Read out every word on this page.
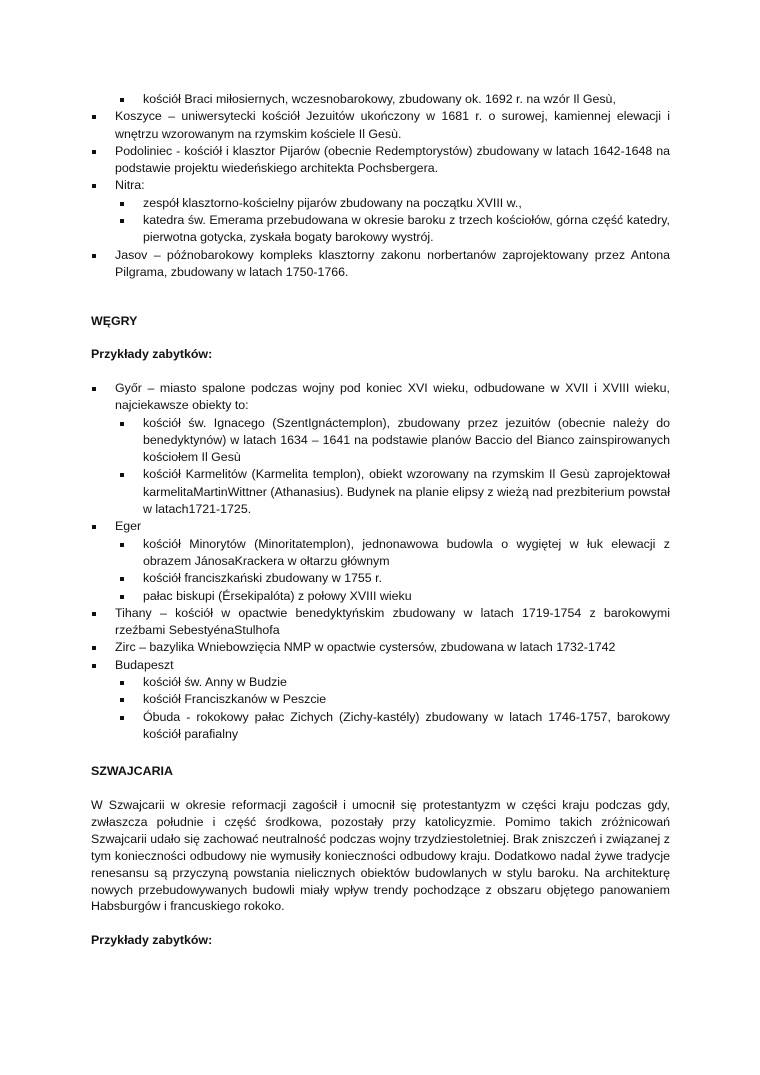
kościół Braci miłosiernych, wczesnobarokowy, zbudowany ok. 1692 r. na wzór Il Gesù,
Koszyce – uniwersytecki kościół Jezuitów ukończony w 1681 r. o surowej, kamiennej elewacji i wnętrzu wzorowanym na rzymskim kościele Il Gesù.
Podoliniec - kościół i klasztor Pijarów (obecnie Redemptorystów) zbudowany w latach 1642-1648 na podstawie projektu wiedeńskiego architekta Pochsbergera.
Nitra:
zespół klasztorno-kościelny pijarów zbudowany na początku XVIII w.,
katedra św. Emerama przebudowana w okresie baroku z trzech kościołów, górna część katedry, pierwotna gotycka, zyskała bogaty barokowy wystrój.
Jasov – późnobarokowy kompleks klasztorny zakonu norbertanów zaprojektowany przez Antona Pilgrama, zbudowany w latach 1750-1766.
WĘGRY
Przykłady zabytków:
Győr – miasto spalone podczas wojny pod koniec XVI wieku, odbudowane w XVII i XVIII wieku, najciekawsze obiekty to:
kościół św. Ignacego (SzentIgnáctemplon), zbudowany przez jezuitów (obecnie należy do benedyktynów) w latach 1634 – 1641 na podstawie planów Baccio del Bianco zainspirowanych kościołem Il Gesù
kościół Karmelitów (Karmelita templon), obiekt wzorowany na rzymskim Il Gesù zaprojektował karmelitaMartinWittner (Athanasius). Budynek na planie elipsy z wieżą nad prezbiterium powstał w latach1721-1725.
Eger
kościół Minorytów (Minoritatemplon), jednonawowa budowla o wygiętej w łuk elewacji z obrazem JánosaKrackera w ołtarzu głównym
kościół franciszkański zbudowany w 1755 r.
pałac biskupi (Érsekipalóta) z połowy XVIII wieku
Tihany – kościół w opactwie benedyktyńskim zbudowany w latach 1719-1754 z barokowymi rzeźbami SebestyénaStulhofa
Zirc – bazylika Wniebowzięcia NMP w opactwie cystersów, zbudowana w latach 1732-1742
Budapeszt
kościół św. Anny w Budzie
kościół Franciszkanów w Peszcie
Óbuda - rokokowy pałac Zichych (Zichy-kastély) zbudowany w latach 1746-1757, barokowy kościół parafialny
SZWAJCARIA

W Szwajcarii w okresie reformacji zagościł i umocnił się protestantyzm w części kraju podczas gdy, zwłaszcza południe i część środkowa, pozostały przy katolicyzmie. Pomimo takich zróżnicowań Szwajcarii udało się zachować neutralność podczas wojny trzydziestoletniej. Brak zniszczeń i związanej z tym konieczności odbudowy nie wymusiły konieczności odbudowy kraju. Dodatkowo nadal żywe tradycje renesansu są przyczyną powstania nielicznych obiektów budowlanych w stylu baroku. Na architekturę nowych przebudowywanych budowli miały wpływ trendy pochodzące z obszaru objętego panowaniem Habsburgów i francuskiego rokoko.

Przykłady zabytków:
